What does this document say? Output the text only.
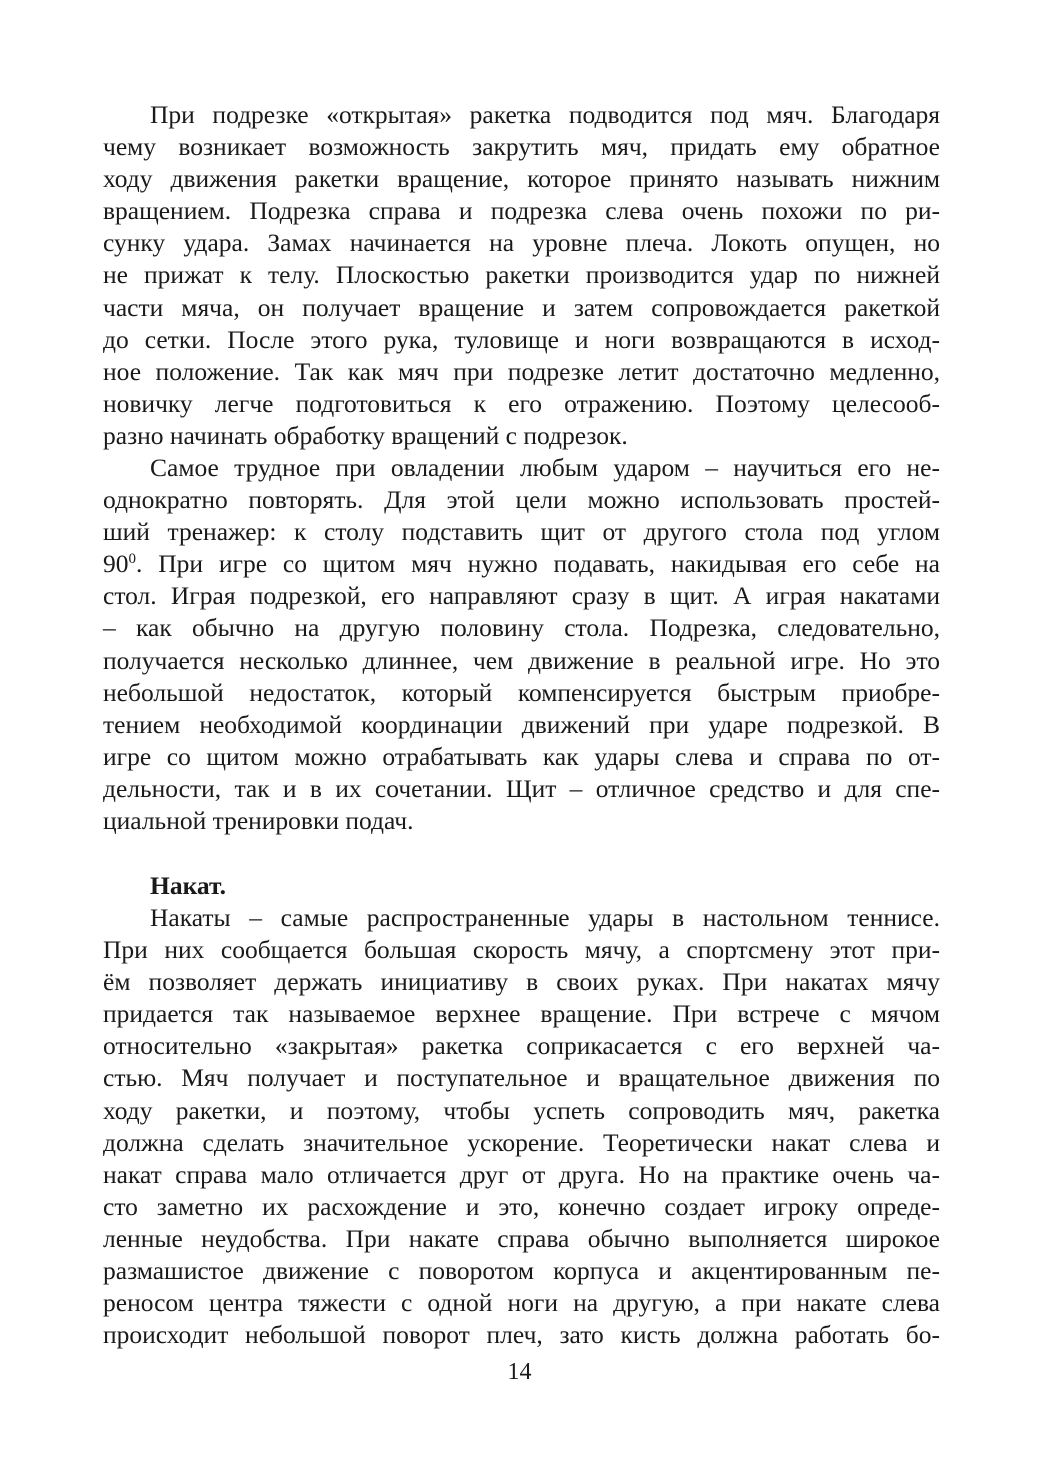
При подрезке «открытая» ракетка подводится под мяч. Благодаря
чему возникает возможность закрутить мяч, придать ему обратное
ходу движения ракетки вращение, которое принято называть нижним
вращением. Подрезка справа и подрезка слева очень похожи по ри-
сунку удара. Замах начинается на уровне плеча. Локоть опущен, но
не прижат к телу. Плоскостью ракетки производится удар по нижней
части мяча, он получает вращение и затем сопровождается ракеткой
до сетки. После этого рука, туловище и ноги возвращаются в исход-
ное положение. Так как мяч при подрезке летит достаточно медленно,
новичку легче подготовиться к его отражению. Поэтому целесооб-
разно начинать обработку вращений с подрезок.
Самое трудное при овладении любым ударом – научиться его не-
однократно повторять. Для этой цели можно использовать простей-
ший тренажер: к столу подставить щит от другого стола под углом
$90^0$. При игре со щитом мяч нужно подавать, накидывая его себе на
стол. Играя подрезкой, его направляют сразу в щит. А играя накатами
– как обычно на другую половину стола. Подрезка, следовательно,
получается несколько длиннее, чем движение в реальной игре. Но это
небольшой недостаток, который компенсируется быстрым приобре-
тением необходимой координации движений при ударе подрезкой. В
игре со щитом можно отрабатывать как удары слева и справа по от-
дельности, так и в их сочетании. Щит – отличное средство и для спе-
циальной тренировки подач.
Накат.
Накаты – самые распространенные удары в настольном теннисе.
При них сообщается большая скорость мячу, а спортсмену этот при-
ём позволяет держать инициативу в своих руках. При накатах мячу
придается так называемое верхнее вращение. При встрече с мячом
относительно «закрытая» ракетка соприкасается с его верхней ча-
стью. Мяч получает и поступательное и вращательное движения по
ходу ракетки, и поэтому, чтобы успеть сопроводить мяч, ракетка
должна сделать значительное ускорение. Теоретически накат слева и
накат справа мало отличается друг от друга. Но на практике очень ча-
сто заметно их расхождение и это, конечно создает игроку опреде-
ленные неудобства. При накате справа обычно выполняется широкое
размашистое движение с поворотом корпуса и акцентированным пе-
реносом центра тяжести с одной ноги на другую, а при накате слева
происходит небольшой поворот плеч, зато кисть должна работать бо-
14
